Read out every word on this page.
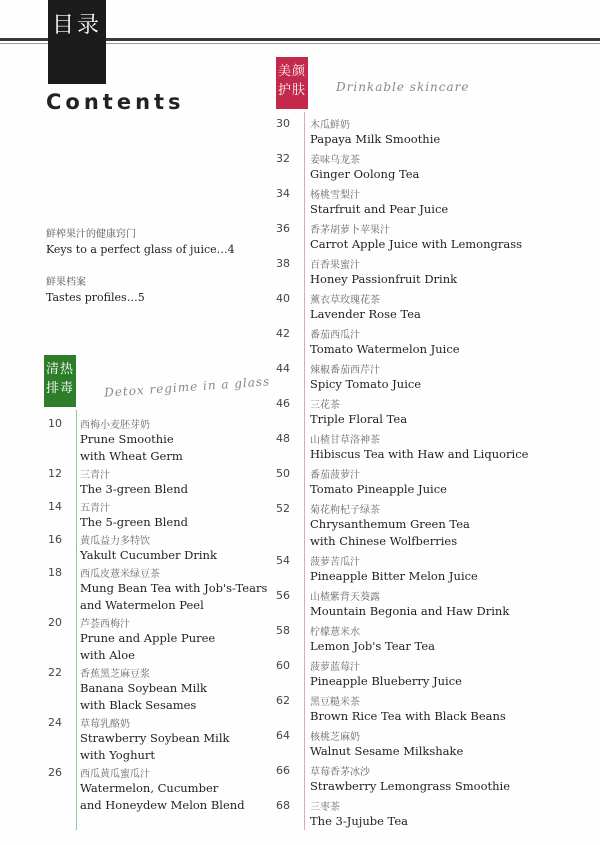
目录
Contents
鲜榨果汁的健康窍门
Keys to a perfect glass of juice…4
鲜果档案
Tastes profiles…5
清热
排毒 Detox regime in a glass
10 西梅小麦胚芽奶
Prune Smoothie
with Wheat Germ
12 三青汁
The 3-green Blend
14 五青汁
The 5-green Blend
16 黄瓜益力多特饮
Yakult Cucumber Drink
18 西瓜皮薏米绿豆茶
Mung Bean Tea with Job's-Tears
and Watermelon Peel
20 芦荟西梅汁
Prune and Apple Puree
with Aloe
22 香蕉黑芝麻豆浆
Banana Soybean Milk
with Black Sesames
24 草莓乳酪奶
Strawberry Soybean Milk
with Yoghurt
26 西瓜黄瓜蜜瓜汁
Watermelon, Cucumber
and Honeydew Melon Blend
美颜
护肤	Drinkable skincare
30 木瓜鲜奶
Papaya Milk Smoothie
32 姜味乌龙茶
Ginger Oolong Tea
34 杨桃雪梨汁
Starfruit and Pear Juice
36 香茅胡萝卜苹果汁
Carrot Apple Juice with Lemongrass
38 百香果蜜汁
Honey Passionfruit Drink
40 薰衣草玫瑰花茶
Lavender Rose Tea
42 番茄西瓜汁
Tomato Watermelon Juice
44 辣椒番茄西芹汁
Spicy Tomato Juice
46 三花茶
Triple Floral Tea
48 山楂甘草洛神茶
Hibiscus Tea with Haw and Liquorice
50 番茄菠萝汁
Tomato Pineapple Juice
52 菊花枸杞子绿茶
Chrysanthemum Green Tea
with Chinese Wolfberries
54 菠萝苦瓜汁
Pineapple Bitter Melon Juice
56 山楂紫背天葵露
Mountain Begonia and Haw Drink
58 柠檬薏米水
Lemon Job's Tear Tea
60 菠萝蓝莓汁
Pineapple Blueberry Juice
62 黑豆糙米茶
Brown Rice Tea with Black Beans
64 核桃芝麻奶
Walnut Sesame Milkshake
66 草莓香茅冰沙
Strawberry Lemongrass Smoothie
68 三枣茶
The 3-Jujube Tea
